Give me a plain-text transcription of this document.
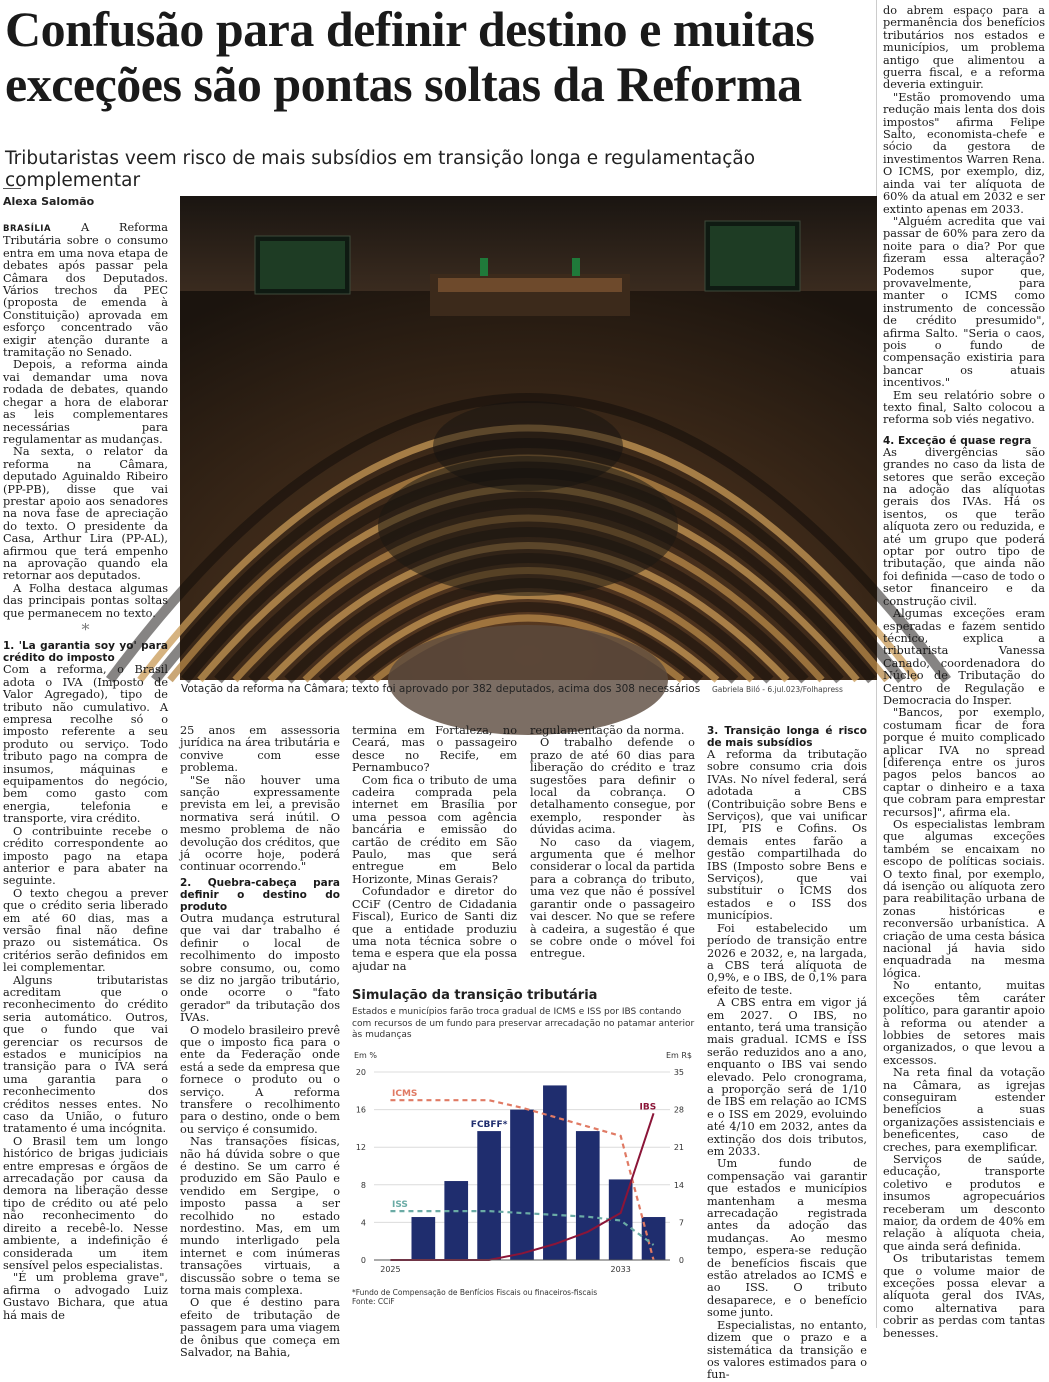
Confusão para definir destino e muitas exceções são pontas soltas da Reforma
Tributaristas veem risco de mais subsídios em transição longa e regulamentação complementar
Alexa Salomão
Votação da reforma na Câmara; texto foi aprovado por 382 deputados, acima dos 308 necessários Gabriela Biló - 6.jul.023/Folhapress

BRASÍLIA	A Reforma Tributária sobre o consumo entra em uma nova etapa de debates após passar pela Câmara dos Deputados. Vários trechos da PEC (proposta de emenda à Constituição) aprovada em esforço concentrado vão exigir atenção durante a tramitação no Senado.

Depois, a reforma ainda vai demandar uma nova rodada de debates, quando chegar a hora de elaborar as leis complementares necessárias para regulamentar as mudanças.

Na sexta, o relator da reforma na Câmara, deputado Aguinaldo Ribeiro (PP-PB), disse que vai prestar apoio aos senadores na nova fase de apreciação do texto. O presidente da Casa, Arthur Lira (PP-AL), afirmou que terá empenho na aprovação quando ela retornar aos deputados.

A Folha destaca algumas das principais pontas soltas que permanecem no texto.

*
1. 'La garantia soy yo' para crédito do imposto

Com a reforma, o Brasil adota o IVA (Imposto de Valor Agregado), tipo de tributo não cumulativo. A empresa recolhe só o imposto referente a seu produto ou serviço. Todo tributo pago na compra de insumos, máquinas e equipamentos do negócio, bem como gasto com energia, telefonia e transporte, vira crédito.

O contribuinte recebe o crédito correspondente ao imposto pago na etapa anterior e para abater na seguinte.

O texto chegou a prever que o crédito seria liberado em até 60 dias, mas a versão final não define prazo ou sistemática. Os critérios serão definidos em lei complementar.

Alguns tributaristas acreditam que o reconhecimento do crédito seria automático. Outros, que o fundo que vai gerenciar os recursos de estados e municípios na transição para o IVA será uma garantia para o reconhecimento dos créditos nesses entes. No caso da União, o futuro tratamento é uma incógnita.

O Brasil tem um longo histórico de brigas judiciais entre empresas e órgãos de arrecadação por causa da demora na liberação desse tipo de crédito ou até pelo não reconhecimento do direito a recebê-lo. Nesse ambiente, a indefinição é considerada um item sensível pelos especialistas.

"É um problema grave", afirma o advogado Luiz Gustavo Bichara, que atua há mais de

25 anos em assessoria jurídica na área tributária e convive com esse problema.

"Se não houver uma sanção expressamente prevista em lei, a previsão normativa será inútil. O mesmo problema de não devolução dos créditos, que já ocorre hoje, poderá continuar ocorrendo."

2. Quebra-cabeça para definir o destino do produto

Outra mudança estrutural que vai dar trabalho é definir o local de recolhimento do imposto sobre consumo, ou, como se diz no jargão tributário, onde ocorre o "fato gerador" da tributação dos IVAs.

O modelo brasileiro prevê que o imposto fica para o ente da Federação onde está a sede da empresa que fornece o produto ou o serviço. A reforma transfere o recolhimento para o destino, onde o bem ou serviço é consumido.

Nas transações físicas, não há dúvida sobre o que é destino. Se um carro é produzido em São Paulo e vendido em Sergipe, o imposto passa a ser recolhido no estado nordestino. Mas, em um mundo interligado pela internet e com inúmeras transações virtuais, a discussão sobre o tema se torna mais complexa.

O que é destino para efeito de tributação de passagem para uma viagem de ônibus que começa em Salvador, na Bahia,

termina em Fortaleza, no Ceará, mas o passageiro desce no Recife, em Pernambuco?

Com fica o tributo de uma cadeira comprada pela internet em Brasília por uma pessoa com agência bancária e emissão do cartão de crédito em São Paulo, mas que será entregue em Belo Horizonte, Minas Gerais?

Cofundador e diretor do CCiF (Centro de Cidadania Fiscal), Eurico de Santi diz que a entidade produziu uma nota técnica sobre o tema e espera que ela possa ajudar na

regulamentação da norma.

O trabalho defende o prazo de até 60 dias para liberação do crédito e traz sugestões para definir o local da cobrança. O detalhamento consegue, por exemplo, responder às dúvidas acima.

No caso da viagem, argumenta que é melhor considerar o local da partida para a cobrança do tributo, uma vez que não é possível garantir onde o passageiro vai descer. No que se refere à cadeira, a sugestão é que se cobre onde o móvel foi entregue.

3. Transição longa é risco de mais subsídios

A reforma da tributação sobre consumo cria dois IVAs. No nível federal, será adotada a CBS (Contribuição sobre Bens e Serviços), que vai unificar IPI, PIS e Cofins. Os demais entes farão a gestão compartilhada do IBS (Imposto sobre Bens e Serviços), que vai substituir o ICMS dos estados e o ISS dos municípios.

Foi estabelecido um período de transição entre 2026 e 2032, e, na largada, a CBS terá alíquota de 0,9%, e o IBS, de 0,1% para efeito de teste.

A CBS entra em vigor já em 2027. O IBS, no entanto, terá uma transição mais gradual. ICMS e ISS serão reduzidos ano a ano, enquanto o IBS vai sendo elevado. Pelo cronograma, a proporção será de 1/10 de IBS em relação ao ICMS e o ISS em 2029, evoluindo até 4/10 em 2032, antes da extinção dos dois tributos, em 2033.

Um fundo de compensação vai garantir que estados e municípios mantenham a mesma arrecadação registrada antes da adoção das mudanças. Ao mesmo tempo, espera-se redução de benefícios fiscais que estão atrelados ao ICMS e ao ISS. O tributo desaparece, e o benefício some junto.

Especialistas, no entanto, dizem que o prazo e a sistemática da transição e os valores estimados para o fun-

do abrem espaço para a permanência dos benefícios tributários nos estados e municípios, um problema antigo que alimentou a guerra fiscal, e a reforma deveria extinguir.

"Estão promovendo uma redução mais lenta dos dois impostos" afirma Felipe Salto, economista-chefe e sócio da gestora de investimentos Warren Rena. O ICMS, por exemplo, diz, ainda vai ter alíquota de 60% da atual em 2032 e ser extinto apenas em 2033.

"Alguém acredita que vai passar de 60% para zero da noite para o dia? Por que fizeram essa alteração? Podemos supor que, provavelmente, para manter o ICMS como instrumento de concessão de crédito presumido", afirma Salto. "Seria o caos, pois o fundo de compensação existiria para bancar os atuais incentivos."

Em seu relatório sobre o texto final, Salto colocou a reforma sob viés negativo.

4. Exceção é quase regra

As divergências são grandes no caso da lista de setores que serão exceção na adoção das alíquotas gerais dos IVAs. Há os isentos, os que terão alíquota zero ou reduzida, e até um grupo que poderá optar por outro tipo de tributação, que ainda não foi definida —caso de todo o setor financeiro e da construção civil.

Algumas exceções eram esperadas e fazem sentido técnico, explica a tributarista Vanessa Canado, coordenadora do Núcleo de Tributação do Centro de Regulação e Democracia do Insper.

"Bancos, por exemplo, costumam ficar de fora porque é muito complicado aplicar IVA no spread [diferença entre os juros pagos pelos bancos ao captar o dinheiro e a taxa que cobram para emprestar recursos]", afirma ela.

Os especialistas lembram que algumas exceções também se encaixam no escopo de políticas sociais. O texto final, por exemplo, dá isenção ou alíquota zero para reabilitação urbana de zonas históricas e reconversão urbanística. A criação de uma cesta básica nacional já havia sido enquadrada na mesma lógica.

No entanto, muitas exceções têm caráter político, para garantir apoio à reforma ou atender a lobbies de setores mais organizados, o que levou a excessos.

Na reta final da votação na Câmara, as igrejas conseguiram estender benefícios a suas organizações assistenciais e beneficentes, caso de creches, para exemplificar.

Serviços de saúde, educação, transporte coletivo e produtos e insumos agropecuários receberam um desconto maior, da ordem de 40% em relação à alíquota cheia, que ainda será definida.

Os tributaristas temem que o volume maior de exceções possa elevar a alíquota geral dos IVAs, como alternativa para cobrir as perdas com tantas benesses.

Simulação da transição tributária

Estados e municípios farão troca gradual de ICMS e ISS por IBS contando com recursos de um fundo para preservar arrecadação no patamar anterior às mudanças

Em %	Em R$
20
16
12
8
4
0
35
28
21
14
7
0
FCBFF*
ICMS
ISS
IBS
2025	2033
*Fundo de Compensação de Benfícios Fiscais ou finaceiros-fiscais
Fonte: CCiF
